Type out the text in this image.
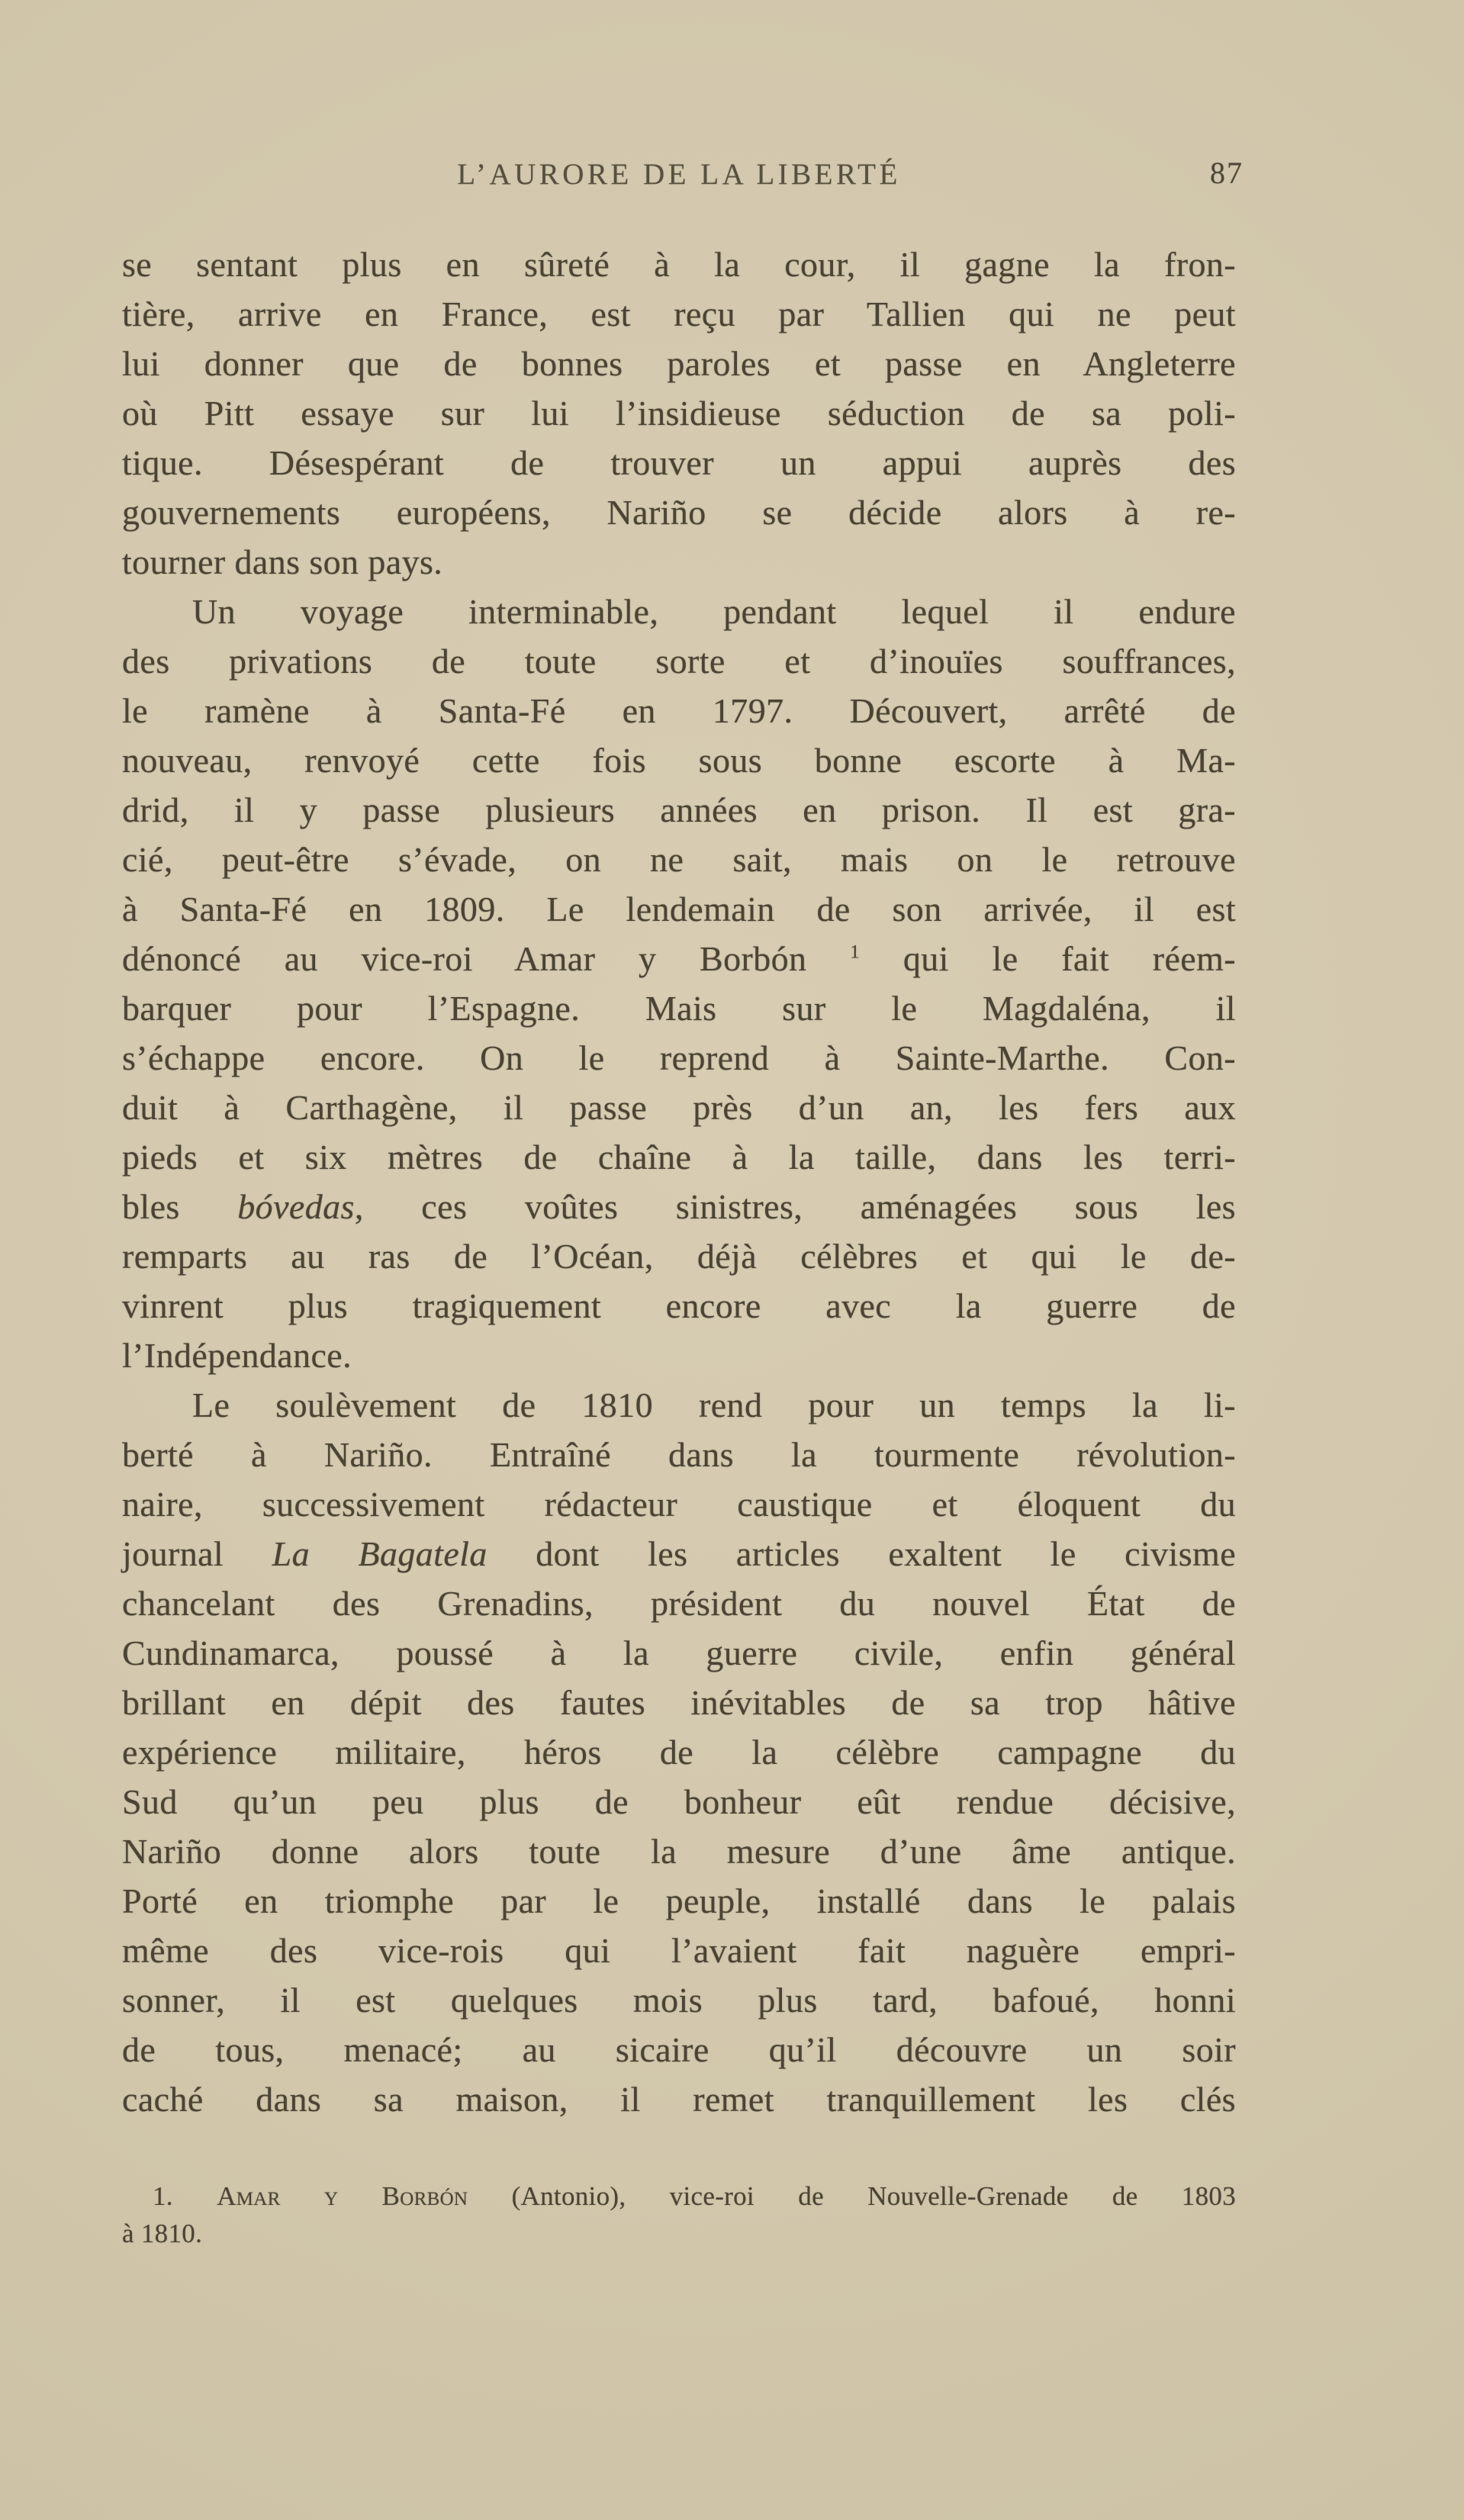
L’AURORE DE LA LIBERTÉ	87
se sentant plus en sûreté à la cour, il gagne la fron-
tière, arrive en France, est reçu par Tallien qui ne peut
lui donner que de bonnes paroles et passe en Angleterre
où Pitt essaye sur lui l’insidieuse séduction de sa poli-
tique. Désespérant de trouver un appui auprès des
gouvernements européens, Nariño se décide alors à re-
tourner dans son pays.
Un voyage interminable, pendant lequel il endure
des privations de toute sorte et d’inouïes souffrances,
le ramène à Santa-Fé en 1797. Découvert, arrêté de
nouveau, renvoyé cette fois sous bonne escorte à Ma-
drid, il y passe plusieurs années en prison. Il est gra-
cié, peut-être s’évade, on ne sait, mais on le retrouve
à Santa-Fé en 1809. Le lendemain de son arrivée, il est
dénoncé au vice-roi Amar y Borbón $^1$ qui le fait réem-
barquer pour l’Espagne. Mais sur le Magdaléna, il
s’échappe encore. On le reprend à Sainte-Marthe. Con-
duit à Carthagène, il passe près d’un an, les fers aux
pieds et six mètres de chaîne à la taille, dans les terri-
bles bóvedas, ces voûtes sinistres, aménagées sous les
remparts au ras de l’Océan, déjà célèbres et qui le de-
vinrent plus tragiquement encore avec la guerre de
l’Indépendance.
Le soulèvement de 1810 rend pour un temps la li-
berté à Nariño. Entraîné dans la tourmente révolution-
naire, successivement rédacteur caustique et éloquent du
journal La Bagatela dont les articles exaltent le civisme
chancelant des Grenadins, président du nouvel État de
Cundinamarca, poussé à la guerre civile, enfin général
brillant en dépit des fautes inévitables de sa trop hâtive
expérience militaire, héros de la célèbre campagne du
Sud qu’un peu plus de bonheur eût rendue décisive,
Nariño donne alors toute la mesure d’une âme antique.
Porté en triomphe par le peuple, installé dans le palais
même des vice-rois qui l’avaient fait naguère empri-
sonner, il est quelques mois plus tard, bafoué, honni
de tous, menacé; au sicaire qu’il découvre un soir
caché dans sa maison, il remet tranquillement les clés
1. Amar y Borbón (Antonio), vice-roi de Nouvelle-Grenade de 1803
à 1810.
